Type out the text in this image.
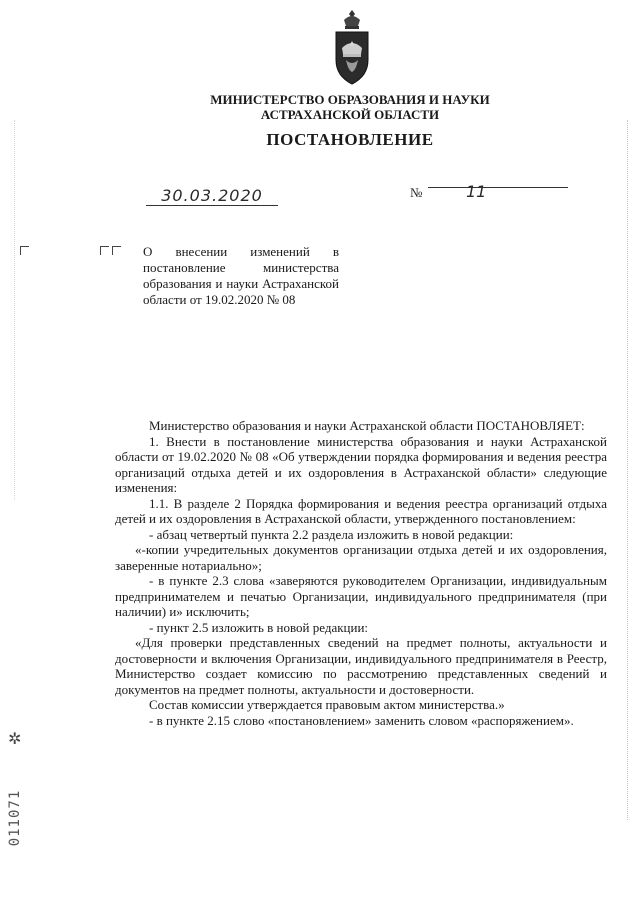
МИНИСТЕРСТВО ОБРАЗОВАНИЯ И НАУКИ
АСТРАХАНСКОЙ ОБЛАСТИ
ПОСТАНОВЛЕНИЕ
30.03.2020	№	11
О внесении изменений в постановление министерства образования и науки Астраханской области от 19.02.2020 № 08

Министерство образования и науки Астраханской области ПОСТАНОВЛЯЕТ:

1. Внести в постановление министерства образования и науки Астраханской области от 19.02.2020 № 08 «Об утверждении порядка формирования и ведения реестра организаций отдыха детей и их оздоровления в Астраханской области» следующие изменения:

1.1. В разделе 2 Порядка формирования и ведения реестра организаций отдыха детей и их оздоровления в Астраханской области, утвержденного постановлением:

- абзац четвертый пункта 2.2 раздела изложить в новой редакции:

«-копии учредительных документов организации отдыха детей и их оздоровления, заверенные нотариально»;

- в пункте 2.3 слова «заверяются руководителем Организации, индивидуальным предпринимателем и печатью Организации, индивидуального предпринимателя (при наличии) и» исключить;

- пункт 2.5 изложить в новой редакции:

«Для проверки представленных сведений на предмет полноты, актуальности и достоверности и включения Организации, индивидуального предпринимателя в Реестр, Министерство создает комиссию по рассмотрению представленных сведений и документов на предмет полноты, актуальности и достоверности.

Состав комиссии утверждается правовым актом министерства.»

- в пункте 2.15 слово «постановлением» заменить словом «распоряжением».

✲
011071
